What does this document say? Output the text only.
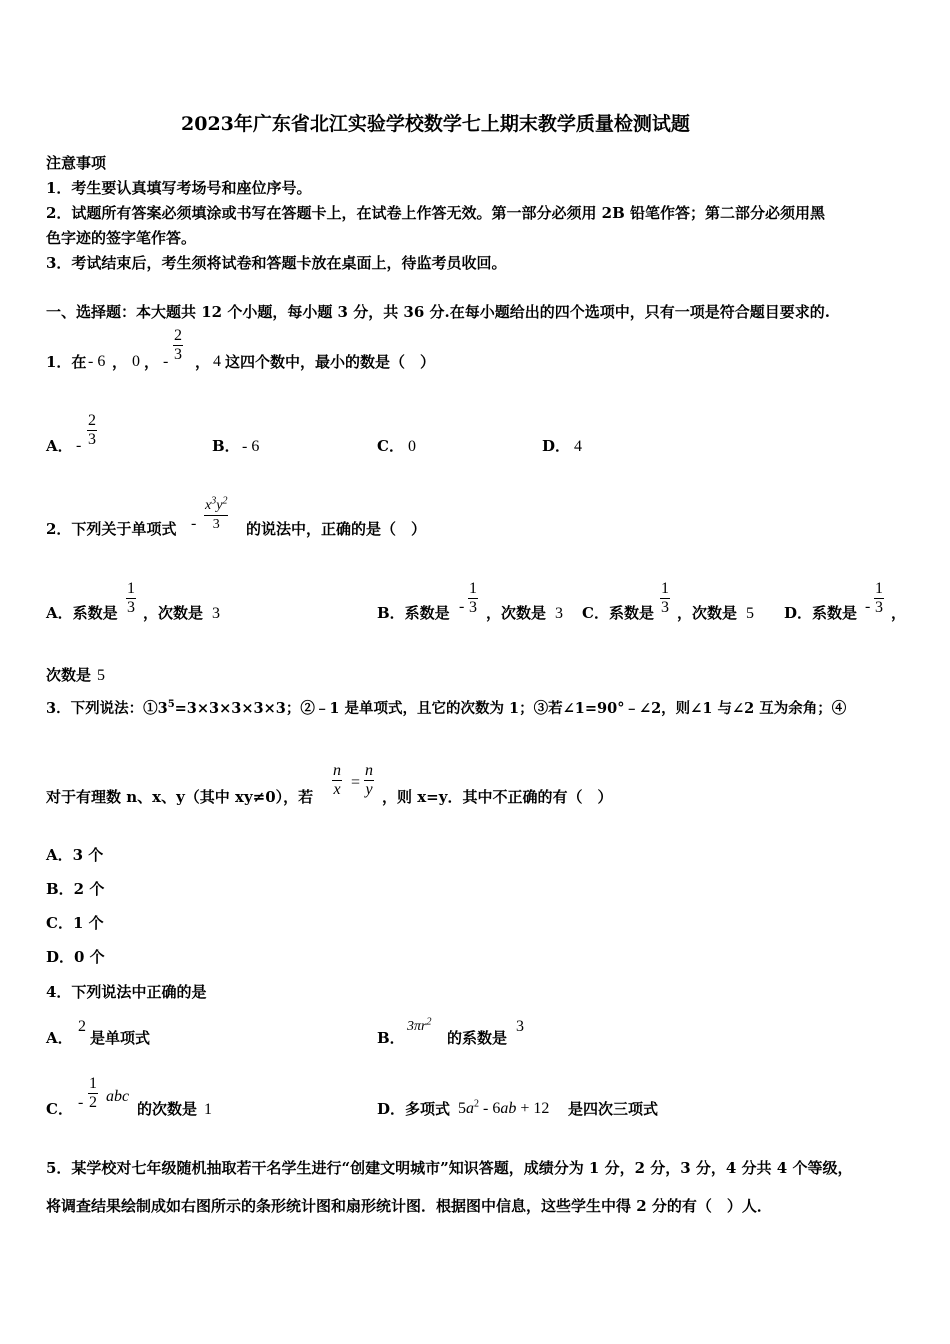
2023年广东省北江实验学校数学七上期末教学质量检测试题
注意事项
1．考生要认真填写考场号和座位序号。
2．试题所有答案必须填涂或书写在答题卡上，在试卷上作答无效。第一部分必须用 2B 铅笔作答；第二部分必须用黑
色字迹的签字笔作答。
3．考试结束后，考生须将试卷和答题卡放在桌面上，待监考员收回。
一、选择题：本大题共 12 个小题，每小题 3 分，共 36 分.在每小题给出的四个选项中，只有一项是符合题目要求的.
1．在 - 6 ， 0 ， - $\frac{2}{3}$ ， 4 这四个数中，最小的数是（　）
A． - $\frac{2}{3}$	B． - 6	C． 0	D． 4
2．下列关于单项式 - $\frac{x^3y^2}{3}$ 的说法中，正确的是（　）
A．系数是 $\frac{1}{3}$ ，次数是 3	B．系数是 - $\frac{1}{3}$ ，次数是 3 C．系数是 $\frac{1}{3}$ ，次数是 5 D．系数是 - $\frac{1}{3}$ ，
次数是 5
3．下列说法：$①3^5=3\times 3\times 3\times 3\times 3$；②﹣1 是单项式，且它的次数为 1；③若∠1=90°﹣∠2，则∠1 与∠2 互为余角；④
对于有理数 n、x、y（其中 xy≠0），若 $\frac{n}{x} = \frac{n}{y}$ ，则 x=y．其中不正确的有（　）
A．3 个
B．2 个
C．1 个
D．0 个
4．下列说法中正确的是
A．
2
是单项式	B．
$3\pi r^2$
的系数是
3
C． - $\frac{1}{2}$ abc
的次数是 1	D．多项式 $5a^2 - 6ab + 12$ 是四次三项式
5．某学校对七年级随机抽取若干名学生进行“创建文明城市”知识答题，成绩分为 1 分，2 分，3 分，4 分共 4 个等级，
将调查结果绘制成如右图所示的条形统计图和扇形统计图．根据图中信息，这些学生中得 2 分的有（　）人．
